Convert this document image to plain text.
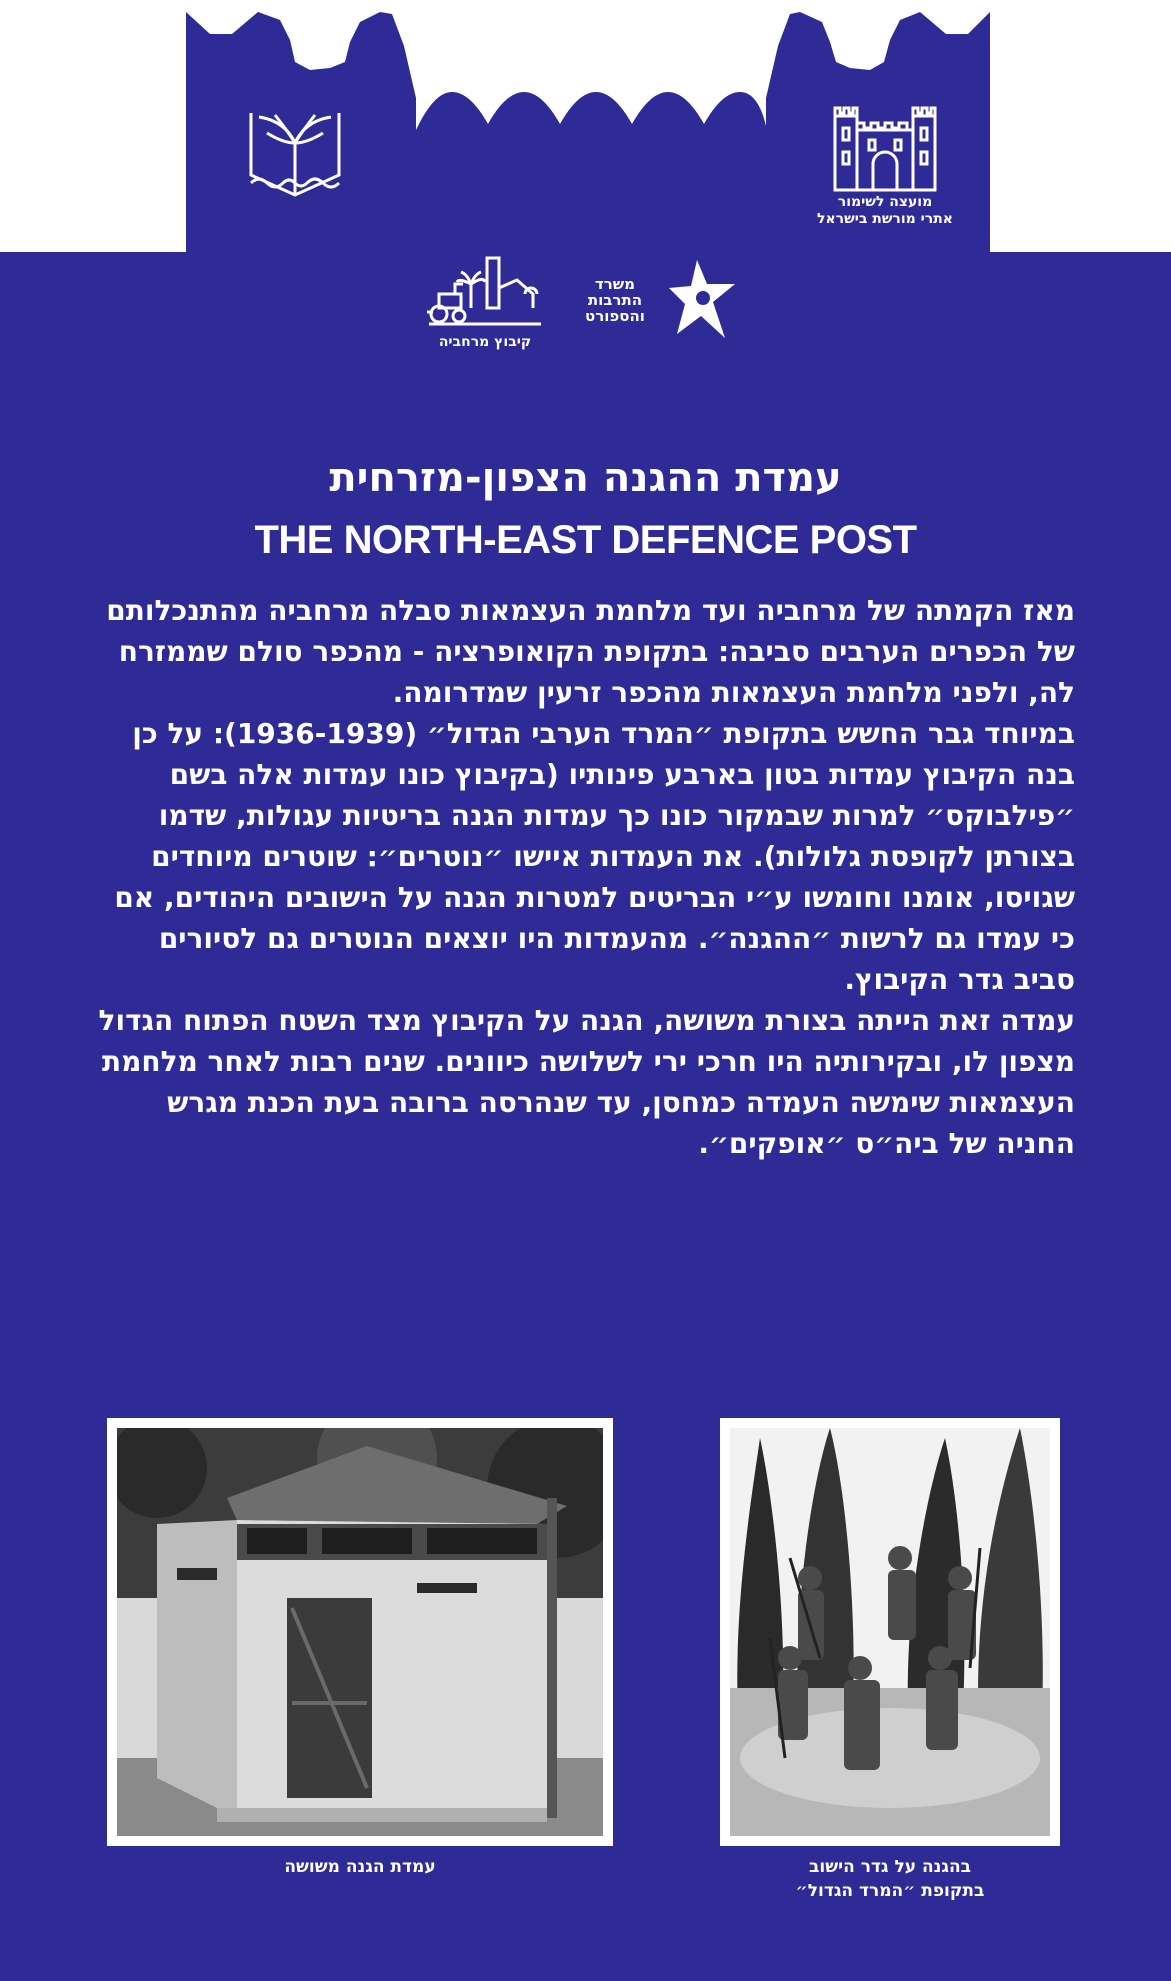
מועצה לשימור
אתרי מורשת בישראל
מועצה אזורית
עמק יזרעאל
משרד
התרבות
והספורט
קיבוץ מרחביה
עמדת ההגנה הצפון-מזרחית
THE NORTH-EAST DEFENCE POST

מאז הקמתה של מרחביה ועד מלחמת העצמאות סבלה מרחביה מהתנכלותם של הכפרים הערבים סביבה: בתקופת הקואופרציה - מהכפר סולם שממזרח לה, ולפני מלחמת העצמאות מהכפר זרעין שמדרומה.

במיוחד גבר החשש בתקופת ״המרד הערבי הגדול״ (1936-1939): על כן בנה הקיבוץ עמדות בטון בארבע פינותיו (בקיבוץ כונו עמדות אלה בשם ״פילבוקס״ למרות שבמקור כונו כך עמדות הגנה בריטיות עגולות, שדמו בצורתן לקופסת גלולות). את העמדות איישו ״נוטרים״: שוטרים מיוחדים שגויסו, אומנו וחומשו ע״י הבריטים למטרות הגנה על הישובים היהודים, אם כי עמדו גם לרשות ״ההגנה״. מהעמדות היו יוצאים הנוטרים גם לסיורים סביב גדר הקיבוץ.

עמדה זאת הייתה בצורת משושה, הגנה על הקיבוץ מצד השטח הפתוח הגדול מצפון לו, ובקירותיה היו חרכי ירי לשלושה כיוונים. שנים רבות לאחר מלחמת העצמאות שימשה העמדה כמחסן, עד שנהרסה ברובה בעת הכנת מגרש החניה של ביה״ס ״אופקים״.

עמדת הגנה משושה	בהגנה על גדר הישוב
בתקופת ״המרד הגדול״
